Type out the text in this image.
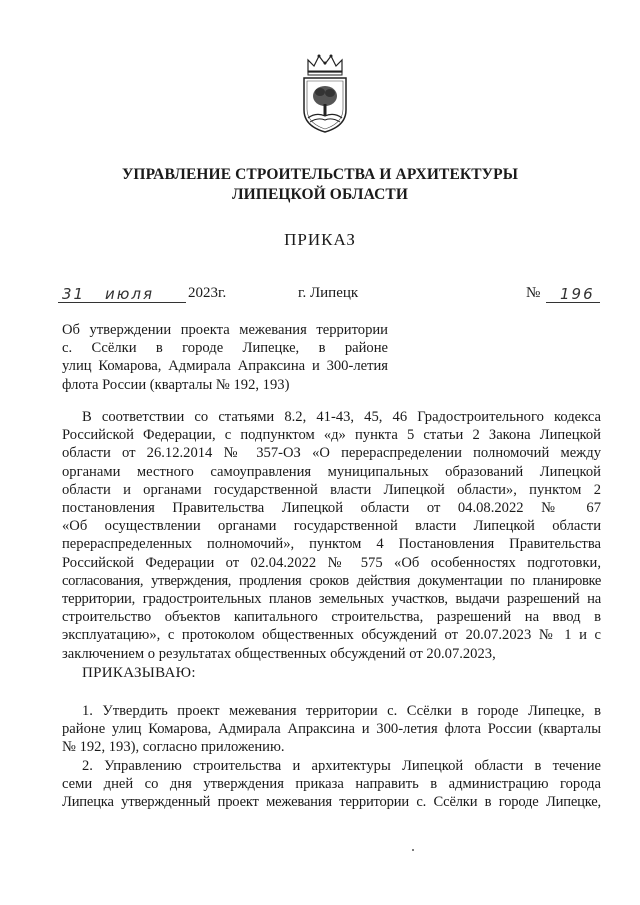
УПРАВЛЕНИЕ СТРОИТЕЛЬСТВА И АРХИТЕКТУРЫ
ЛИПЕЦКОЙ ОБЛАСТИ
ПРИКАЗ
31 июля 2023г.	г. Липецк	№ 196
Об утверждении проекта межевания территории
с. Ссёлки в городе Липецке, в районе
улиц Комарова, Адмирала Апраксина и 300-летия
флота России (кварталы № 192, 193)
В соответствии со статьями 8.2, 41-43, 45, 46 Градостроительного кодекса
Российской Федерации, с подпунктом «д» пункта 5 статьи 2 Закона Липецкой
области от 26.12.2014 № 357-ОЗ «О перераспределении полномочий между
органами местного самоуправления муниципальных образований Липецкой
области и органами государственной власти Липецкой области», пунктом 2
постановления Правительства Липецкой области от 04.08.2022 № 67
«Об осуществлении органами государственной власти Липецкой области
перераспределенных полномочий», пунктом 4 Постановления Правительства
Российской Федерации от 02.04.2022 № 575 «Об особенностях подготовки,
согласования, утверждения, продления сроков действия документации по планировке
территории, градостроительных планов земельных участков, выдачи разрешений на
строительство объектов капитального строительства, разрешений на ввод в
эксплуатацию», с протоколом общественных обсуждений от 20.07.2023 № 1 и с
заключением о результатах общественных обсуждений от 20.07.2023,
ПРИКАЗЫВАЮ:
1. Утвердить проект межевания территории с. Ссёлки в городе Липецке, в
районе улиц Комарова, Адмирала Апраксина и 300-летия флота России (кварталы
№ 192, 193), согласно приложению.
2. Управлению строительства и архитектуры Липецкой области в течение
семи дней со дня утверждения приказа направить в администрацию города
Липецка утвержденный проект межевания территории с. Ссёлки в городе Липецке,
